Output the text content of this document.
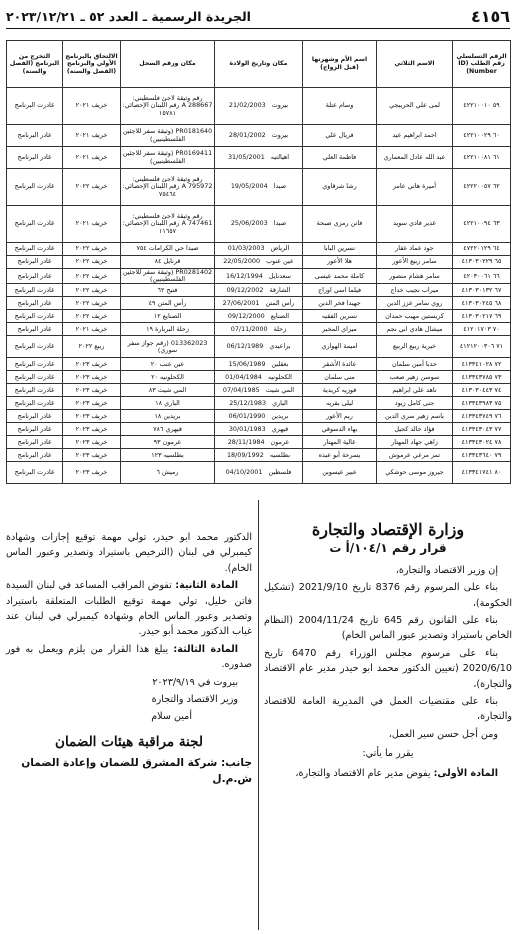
الجريدة الرسمية ـ العدد ٥٢ ـ ٢٠٢٣/١٢/٢١	٤١٥٦
الرقم التسلسلي رقم الطلب (ID Number)	الاسم الثلاثي	اسم الأم وشهرتها (قبل الزواج)	مكان وتاريخ الولادة	مكان ورقم السجل	الالتحاق بالبرنامج الأولي والبرنامج (الفصل والسنة)	التخرج من البرنامج (الفصل والسنة)
٥٩ ٤٢٢١٠٠١٠	لمى علي الحريبجي	وسام عتلة	بيروت21/02/2003	رقم وثيقة لاجئ فلسطيني: 288667 A رقم اللبنان الإحصائي: ١٥٧٨١	خريف ٢٠٢١	غادرت البرنامج
٦٠ ٤٢٢١٠٠٢٩	احمد ابراهيم عيد	فريال علي	بيروت28/01/2002	PR0181640 (وثيقة سفر للاجئين الفلسطينيين)	خريف ٢٠٢١	غادر البرنامج
٦١ ٤٢٢١٠٠٨١	عبد الله عادل المعماري	فاطمة العلي	اهيالتيه31/05/2001	PR0169411 (وثيقة سفر للاجئين الفلسطينيين)	خريف ٢٠٢١	غادر البرنامج
٦٢ ٤٢٢٢٠٠٥٧	أميرة هاني عامر	رشا شرقاوي	صيدا19/05/2004	رقم وثيقة لاجئ فلسطيني: 795972 A رقم اللبنان الإحصائي: ٧٥٤٦٤	خريف ٢٠٢٢	غادرت البرنامج
٦٣ ٤٢٢١٠٠٩٤	غدير فادي سويد	فاتن رمزي صبحة	صيدا25/06/2003	رقم وثيقة لاجئ فلسطيني: 747461 A رقم اللبنان الإحصائي: ١١٦٥٧	خريف ٢٠٢١	غادرت البرنامج
٦٤ ٤٧٢٢٠١٢٩	جود عماد عقار	نسرين البابا	الرياض01/03/2003	صيدا حي الكرامات ٧٥٤	خريف ٢٠٢٢	غادرت البرنامج
٦٥ ٤١٣٠٣٠٢٢٩	سامر ربيع الأعور	هلا الأعور	عين عنوب22/05/2000	قرنايل ٨٤	خريف ٢٠٢٢	غادر البرنامج
٦٦ ٤٢٠٣٠٠٦١	سامر هشام منصور	كاملة محمد عيسى	سعدنايل16/12/1994	PR0281402 (وثيقة سفر للاجئين الفلسطينيين)	خريف ٢٠٢٢	غادر البرنامج
٦٧ ٤١٣٠٣٠١٣٢	ميراب نجيب خداج	فيلما اسي اوراج	الشارقة09/12/2002	فتيح ٦٢	خريف ٢٠٢٢	غادرت البرنامج
٦٨ ٤١٣٠٣٠٢٤٥	روي سامر عزز الدين	جهيدا فخر الدين	رأس المتن27/06/2001	رأس المتن ٤٩	خريف ٢٠٢٢	غادر البرنامج
٦٩ ٤١٣٠٣٠٢١٧	كريستين مهيب حمدان	نسرين الفقيه	الصنايع09/12/2000	الصنايع ١٢	خريف ٢٠٢٢	غادرت البرنامج
٧٠ ٤١٢٠١٧٠٣	ميشال هادي ابي نجم	ميراي المخبر	زحلة07/11/2000	زحلة البربارة ١٩	خريف ٢٠٢١	غادر البرنامج
٧١ ٤١٢١٢٠٠٣٠٦	خيرية ربيع الربيع	اميمة الهواري	براعيدي06/12/1989	013362023 (رقم جواز سفر سوري)	ربيع ٢٠٢٢	غادرت البرنامج
٧٢ ٤١٣٣٤١٠٢٨	حدبا أمين سلمان	عائدة الأشقر	بعقلين15/06/1989	عين عنب ٢٠	خريف ٢٠٢٣	غادرت البرنامج
٧٣ ٤١٣٣٤٣٧٨٥	سوسن زهير صعب	منى سلمان	الكحلونيه01/04/1984	الكحلونيه ٢٠	خريف ٢٠٢٣	غادرت البرنامج
٧٤ ٤١٣٠٣٠٤٤٣	ناهد علي ابراهيم	فوزيه كريدية	المي شيت07/04/1985	المي شيت ٨٣	خريف ٢٠٢٣	غادرت البرنامج
٧٥ ٤١٣٣٤٣٩٨٣	جنى كامل زيود	ليلى بقريه	الباري25/12/1983	الباري ١٨	خريف ٢٠٢٣	غادرت البرنامج
٧٦ ٤١٣٣٤٣٧٤٩	باسم زهير سري الدين	ريم الأعور	بريدين06/01/1990	بريدين ١٨	خريف ٢٠٢٣	غادر البرنامج
٧٧ ٤١٣٣٤٣٠٤٣	فؤاد خالد كحيل	بهاء الدسوقي	قيهري30/01/1983	قيهري ٧٨٦	خريف ٢٠٢٣	غادر البرنامج
٧٨ ٤١٣٣٤٣٠٢٤	زاهي جهاد المهتار	غالية المهتار	عرمون28/11/1984	عرمون ٩٣	خريف ٢٠٢٣	غادر البرنامج
٧٩ ٤١٣٣٤٣٦٤٠	تمر مرعي عرموش	يسرحة أبو عيده	بطلسيه18/09/1992	بطلسيه ١٢٣	خريف ٢٠٢٣	غادر البرنامج
٨٠ ٤١٣٣٤١٧٤١	جيروز موسى حوشكي	عبير عيسوين	فلسطين04/10/2001	رميش ٦	خريف ٢٠٢٣	غادرت البرنامج
وزارة الإقتصاد والتجارة
قرار رقم ١٠٤/١/أ ت

إن وزير الاقتصاد والتجارة،

بناء على المرسوم رقم 8376 تاريخ 2021/9/10 (تشكيل الحكومة)،

بناء على القانون رقم 645 تاريخ 2004/11/24 (النظام الخاص باستيراد وتصدير عبور الماس الخام)

بناء على مرسوم مجلس الوزراء رقم 6470 تاريخ 2020/6/10 (تعيين الدكتور محمد ابو حيدر مدير عام الاقتصاد والتجارة)،

بناء على مقتضيات العمل في المديرية العامة للاقتصاد والتجارة،

ومن أجل حسن سير العمل،

يقرر ما يأتي:

المادة الأولى: يفوض مدير عام الاقتصاد والتجارة،

الدكتور محمد ابو حيدر، تولي مهمة توقيع إجازات وشهادة كيمبرلي في لبنان (الترخيص باستيراد وتصدير وعبور الماس الخام).

المادة الثانية: تفوض المراقب المساعد في لبنان السيدة فاتن خليل، تولي مهمة توقيع الطلبات المتعلقة باستيراد وتصدير وعبور الماس الخام وشهادة كيمبرلي في لبنان عند غياب الدكتور محمد أبو حيدر.

المادة الثالثة: يبلغ هذا القرار من يلزم ويعمل به فور صدوره.

بيروت في ٢٠٢٣/٩/١٩

وزير الاقتصاد والتجارة

أمين سلام

لجنة مراقبة هيئات الضمان

جانب: شركة المشرق للضمان وإعادة الضمان

ش.م.ل
